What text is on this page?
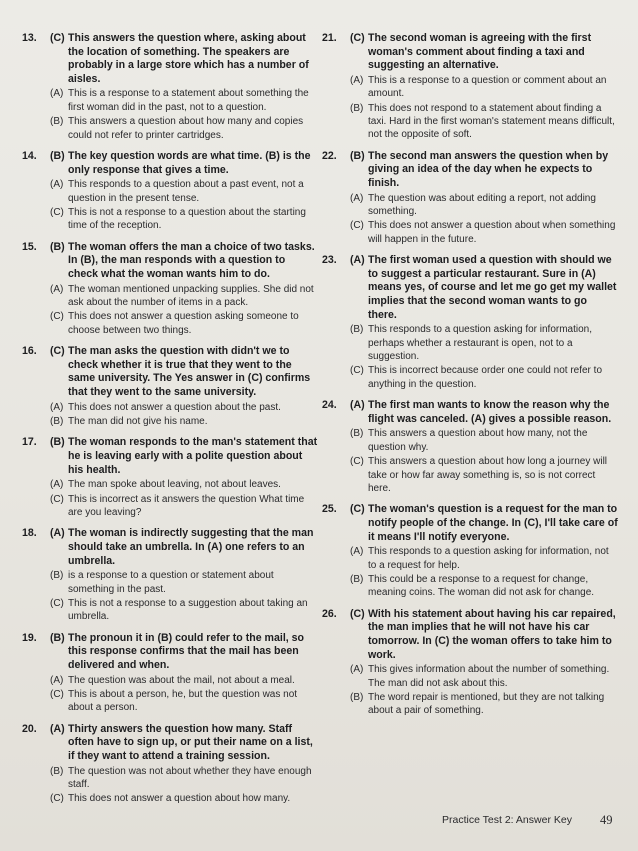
13.	(C) This answers the question where, asking about the location of something. The speakers are probably in a large store which has a number of aisles.
(A) This is a response to a statement about something the first woman did in the past, not to a question.
(B) This answers a question about how many and copies could not refer to printer cartridges.
14.	(B) The key question words are what time. (B) is the only response that gives a time.
(A) This responds to a question about a past event, not a question in the present tense.
(C) This is not a response to a question about the starting time of the reception.
15.	(B) The woman offers the man a choice of two tasks. In (B), the man responds with a question to check what the woman wants him to do.
(A) The woman mentioned unpacking supplies. She did not ask about the number of items in a pack.
(C) This does not answer a question asking someone to choose between two things.
16.	(C) The man asks the question with didn't we to check whether it is true that they went to the same university. The Yes answer in (C) confirms that they went to the same university.
(A) This does not answer a question about the past.
(B) The man did not give his name.
17.	(B) The woman responds to the man's statement that he is leaving early with a polite question about his health.
(A) The man spoke about leaving, not about leaves.
(C) This is incorrect as it answers the question What time are you leaving?
18.	(A) The woman is indirectly suggesting that the man should take an umbrella. In (A) one refers to an umbrella.
(B) is a response to a question or statement about something in the past.
(C) This is not a response to a suggestion about taking an umbrella.
19.	(B) The pronoun it in (B) could refer to the mail, so this response confirms that the mail has been delivered and when.
(A) The question was about the mail, not about a meal.
(C) This is about a person, he, but the question was not about a person.
20.	(A) Thirty answers the question how many. Staff often have to sign up, or put their name on a list, if they want to attend a training session.
(B) The question was not about whether they have enough staff.
(C) This does not answer a question about how many.
21.	(C) The second woman is agreeing with the first woman's comment about finding a taxi and suggesting an alternative.
(A) This is a response to a question or comment about an amount.
(B) This does not respond to a statement about finding a taxi. Hard in the first woman's statement means difficult, not the opposite of soft.
22.	(B) The second man answers the question when by giving an idea of the day when he expects to finish.
(A) The question was about editing a report, not adding something.
(C) This does not answer a question about when something will happen in the future.
23.	(A) The first woman used a question with should we to suggest a particular restaurant. Sure in (A) means yes, of course and let me go get my wallet implies that the second woman wants to go there.
(B) This responds to a question asking for information, perhaps whether a restaurant is open, not to a suggestion.
(C) This is incorrect because order one could not refer to anything in the question.
24.	(A) The first man wants to know the reason why the flight was canceled. (A) gives a possible reason.
(B) This answers a question about how many, not the question why.
(C) This answers a question about how long a journey will take or how far away something is, so is not correct here.
25.	(C) The woman's question is a request for the man to notify people of the change. In (C), I'll take care of it means I'll notify everyone.
(A) This responds to a question asking for information, not to a request for help.
(B) This could be a response to a request for change, meaning coins. The woman did not ask for change.
26.	(C) With his statement about having his car repaired, the man implies that he will not have his car tomorrow. In (C) the woman offers to take him to work.
(A) This gives information about the number of something. The man did not ask about this.
(B) The word repair is mentioned, but they are not talking about a pair of something.
Practice Test 2: Answer Key 49
